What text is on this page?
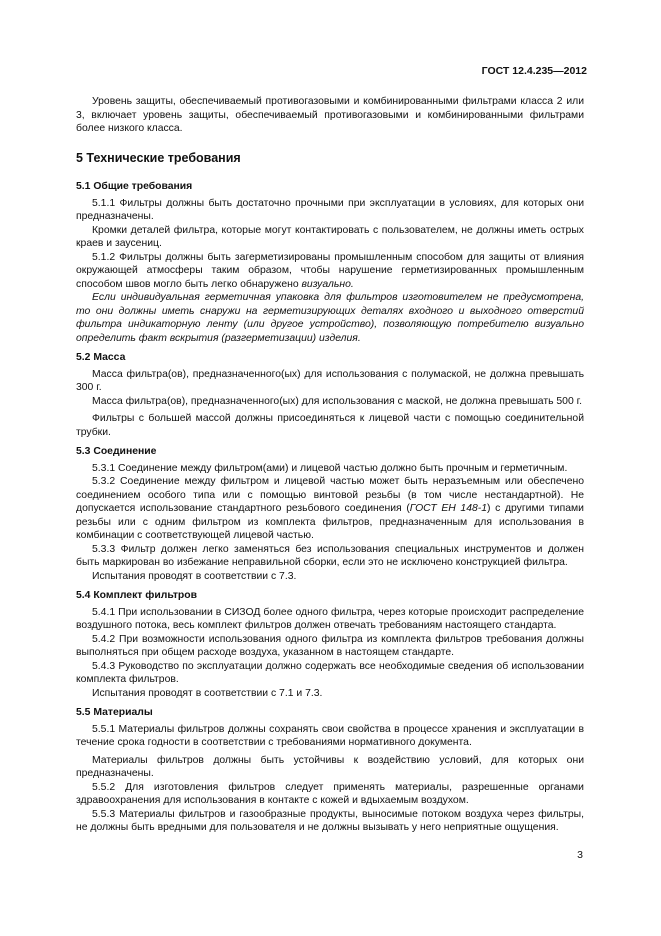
ГОСТ 12.4.235—2012

Уровень защиты, обеспечиваемый противогазовыми и комбинированными фильтрами класса 2 или 3, включает уровень защиты, обеспечиваемый противогазовыми и комбинированными фильтрами более низкого класса.

5 Технические требования
5.1 Общие требования

5.1.1 Фильтры должны быть достаточно прочными при эксплуатации в условиях, для которых они предназначены.

Кромки деталей фильтра, которые могут контактировать с пользователем, не должны иметь острых краев и заусениц.

5.1.2 Фильтры должны быть загерметизированы промышленным способом для защиты от влияния окружающей атмосферы таким образом, чтобы нарушение герметизированных промышленным способом швов могло быть легко обнаружено визуально.

Если индивидуальная герметичная упаковка для фильтров изготовителем не предусмотрена, то они должны иметь снаружи на герметизирующих деталях входного и выходного отверстий фильтра индикаторную ленту (или другое устройство), позволяющую потребителю визуально определить факт вскрытия (разгерметизации) изделия.

5.2 Масса

Масса фильтра(ов), предназначенного(ых) для использования с полумаской, не должна превышать 300 г.

Масса фильтра(ов), предназначенного(ых) для использования с маской, не должна превышать 500 г.

Фильтры с большей массой должны присоединяться к лицевой части с помощью соединительной трубки.

5.3 Соединение

5.3.1 Соединение между фильтром(ами) и лицевой частью должно быть прочным и герметичным.

5.3.2 Соединение между фильтром и лицевой частью может быть неразъемным или обеспечено соединением особого типа или с помощью винтовой резьбы (в том числе нестандартной). Не допускается использование стандартного резьбового соединения (ГОСТ ЕН 148-1) с другими типами резьбы или с одним фильтром из комплекта фильтров, предназначенным для использования в комбинации с соответствующей лицевой частью.

5.3.3 Фильтр должен легко заменяться без использования специальных инструментов и должен быть маркирован во избежание неправильной сборки, если это не исключено конструкцией фильтра.

Испытания проводят в соответствии с 7.3.

5.4 Комплект фильтров

5.4.1 При использовании в СИЗОД более одного фильтра, через которые происходит распределение воздушного потока, весь комплект фильтров должен отвечать требованиям настоящего стандарта.

5.4.2 При возможности использования одного фильтра из комплекта фильтров требования должны выполняться при общем расходе воздуха, указанном в настоящем стандарте.

5.4.3 Руководство по эксплуатации должно содержать все необходимые сведения об использовании комплекта фильтров.

Испытания проводят в соответствии с 7.1 и 7.3.

5.5 Материалы

5.5.1 Материалы фильтров должны сохранять свои свойства в процессе хранения и эксплуатации в течение срока годности в соответствии с требованиями нормативного документа.

Материалы фильтров должны быть устойчивы к воздействию условий, для которых они предназначены.

5.5.2 Для изготовления фильтров следует применять материалы, разрешенные органами здравоохранения для использования в контакте с кожей и вдыхаемым воздухом.

5.5.3 Материалы фильтров и газообразные продукты, выносимые потоком воздуха через фильтры, не должны быть вредными для пользователя и не должны вызывать у него неприятные ощущения.

3
